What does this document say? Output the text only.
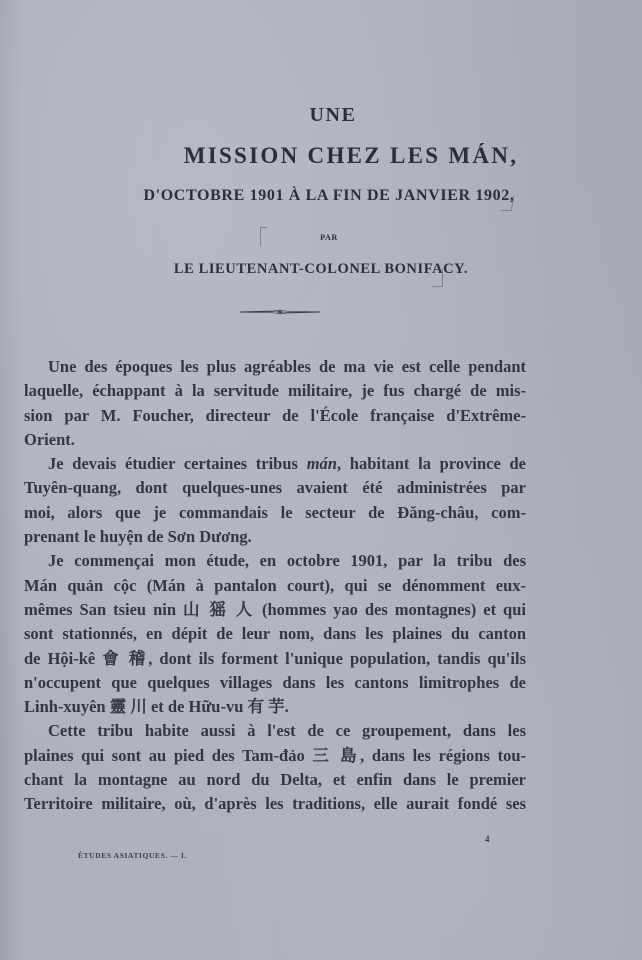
UNE
MISSION CHEZ LES MÁN,
D'OCTOBRE 1901 À LA FIN DE JANVIER 1902,
PAR
LE LIEUTENANT-COLONEL BONIFACY.
Une des époques les plus agréables de ma vie est celle pendant
laquelle, échappant à la servitude militaire, je fus chargé de mis-
sion par M. Foucher, directeur de l'École française d'Extrême-
Orient.
Je devais étudier certaines tribus mán, habitant la province de
Tuyên-quang, dont quelques-unes avaient été administrées par
moi, alors que je commandais le secteur de Đăng-châu, com-
prenant le huyện de Sơn Dương.
Je commençai mon étude, en octobre 1901, par la tribu des
Mán quản cộc (Mán à pantalon court), qui se dénomment eux-
mêmes San tsieu nin 山 猺 人 (hommes yao des montagnes) et qui
sont stationnés, en dépit de leur nom, dans les plaines du canton
de Hội-kê 會 稽, dont ils forment l'unique population, tandis qu'ils
n'occupent que quelques villages dans les cantons limitrophes de
Linh-xuyên 靈 川 et de Hữu-vu 有 芋.
Cette tribu habite aussi à l'est de ce groupement, dans les
plaines qui sont au pied des Tam-đảo 三 島, dans les régions tou-
chant la montagne au nord du Delta, et enfin dans le premier
Territoire militaire, où, d'après les traditions, elle aurait fondé ses
4
ÉTUDES ASIATIQUES. — I.
